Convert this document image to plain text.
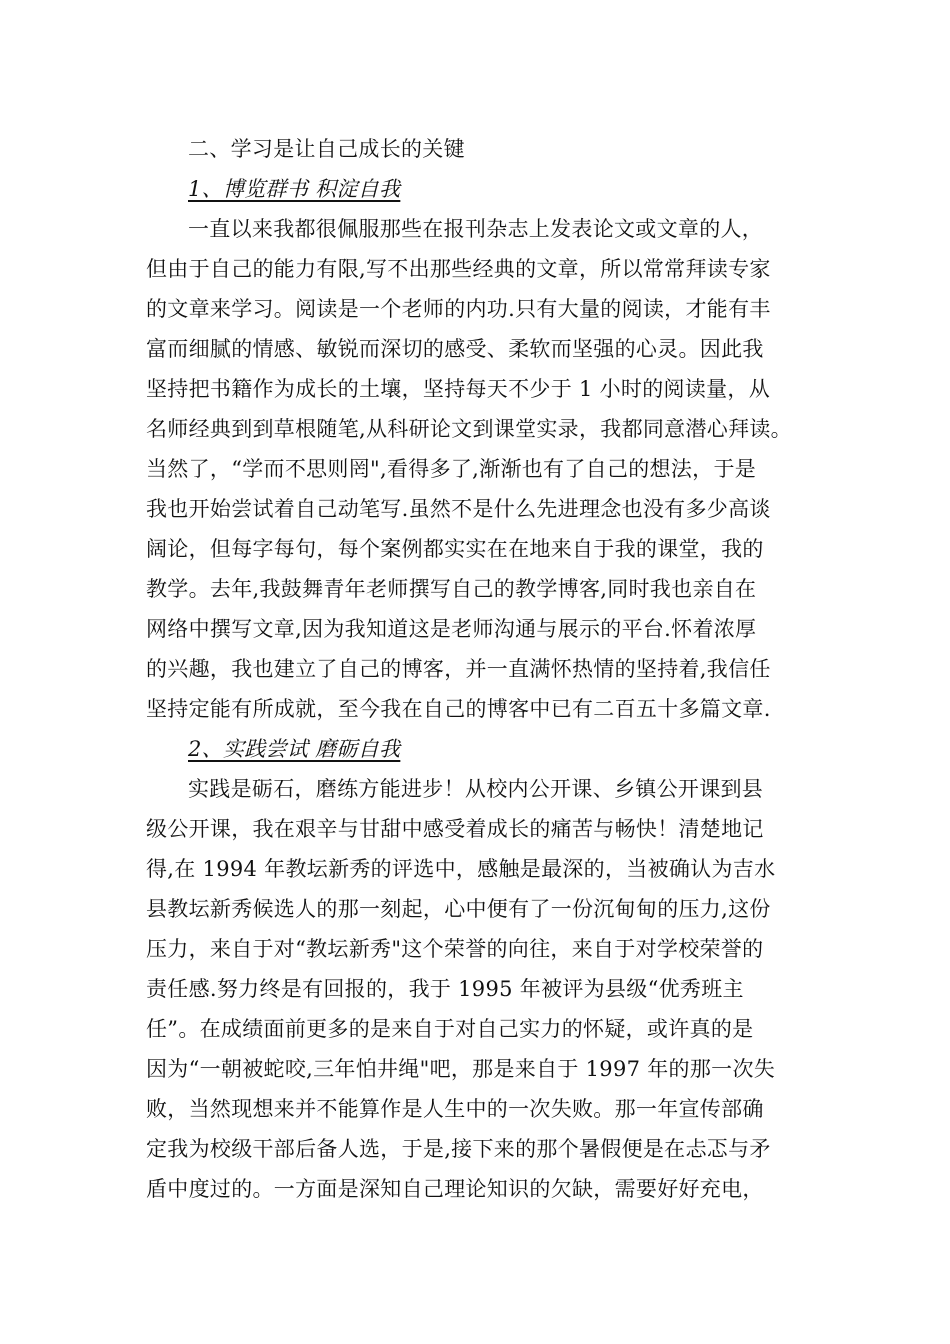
二、学习是让自己成长的关键
1、博览群书 积淀自我
一直以来我都很佩服那些在报刊杂志上发表论文或文章的人，
但由于自己的能力有限,写不出那些经典的文章，所以常常拜读专家
的文章来学习。阅读是一个老师的内功.只有大量的阅读，才能有丰
富而细腻的情感、敏锐而深切的感受、柔软而坚强的心灵。因此我
坚持把书籍作为成长的土壤，坚持每天不少于 1 小时的阅读量，从
名师经典到到草根随笔,从科研论文到课堂实录，我都同意潜心拜读。
当然了，“学而不思则罔",看得多了,渐渐也有了自己的想法，于是
我也开始尝试着自己动笔写.虽然不是什么先进理念也没有多少高谈
阔论，但每字每句，每个案例都实实在在地来自于我的课堂，我的
教学。去年,我鼓舞青年老师撰写自己的教学博客,同时我也亲自在
网络中撰写文章,因为我知道这是老师沟通与展示的平台.怀着浓厚
的兴趣，我也建立了自己的博客，并一直满怀热情的坚持着,我信任
坚持定能有所成就，至今我在自己的博客中已有二百五十多篇文章.
2、实践尝试 磨砺自我
实践是砺石，磨练方能进步！从校内公开课、乡镇公开课到县
级公开课，我在艰辛与甘甜中感受着成长的痛苦与畅快！清楚地记
得,在 1994 年教坛新秀的评选中，感触是最深的，当被确认为吉水
县教坛新秀候选人的那一刻起，心中便有了一份沉甸甸的压力,这份
压力，来自于对“教坛新秀"这个荣誉的向往，来自于对学校荣誉的
责任感.努力终是有回报的，我于 1995 年被评为县级“优秀班主
任”。在成绩面前更多的是来自于对自己实力的怀疑，或许真的是
因为“一朝被蛇咬,三年怕井绳"吧，那是来自于 1997 年的那一次失
败，当然现想来并不能算作是人生中的一次失败。那一年宣传部确
定我为校级干部后备人选，于是,接下来的那个暑假便是在忐忑与矛
盾中度过的。一方面是深知自己理论知识的欠缺，需要好好充电，
